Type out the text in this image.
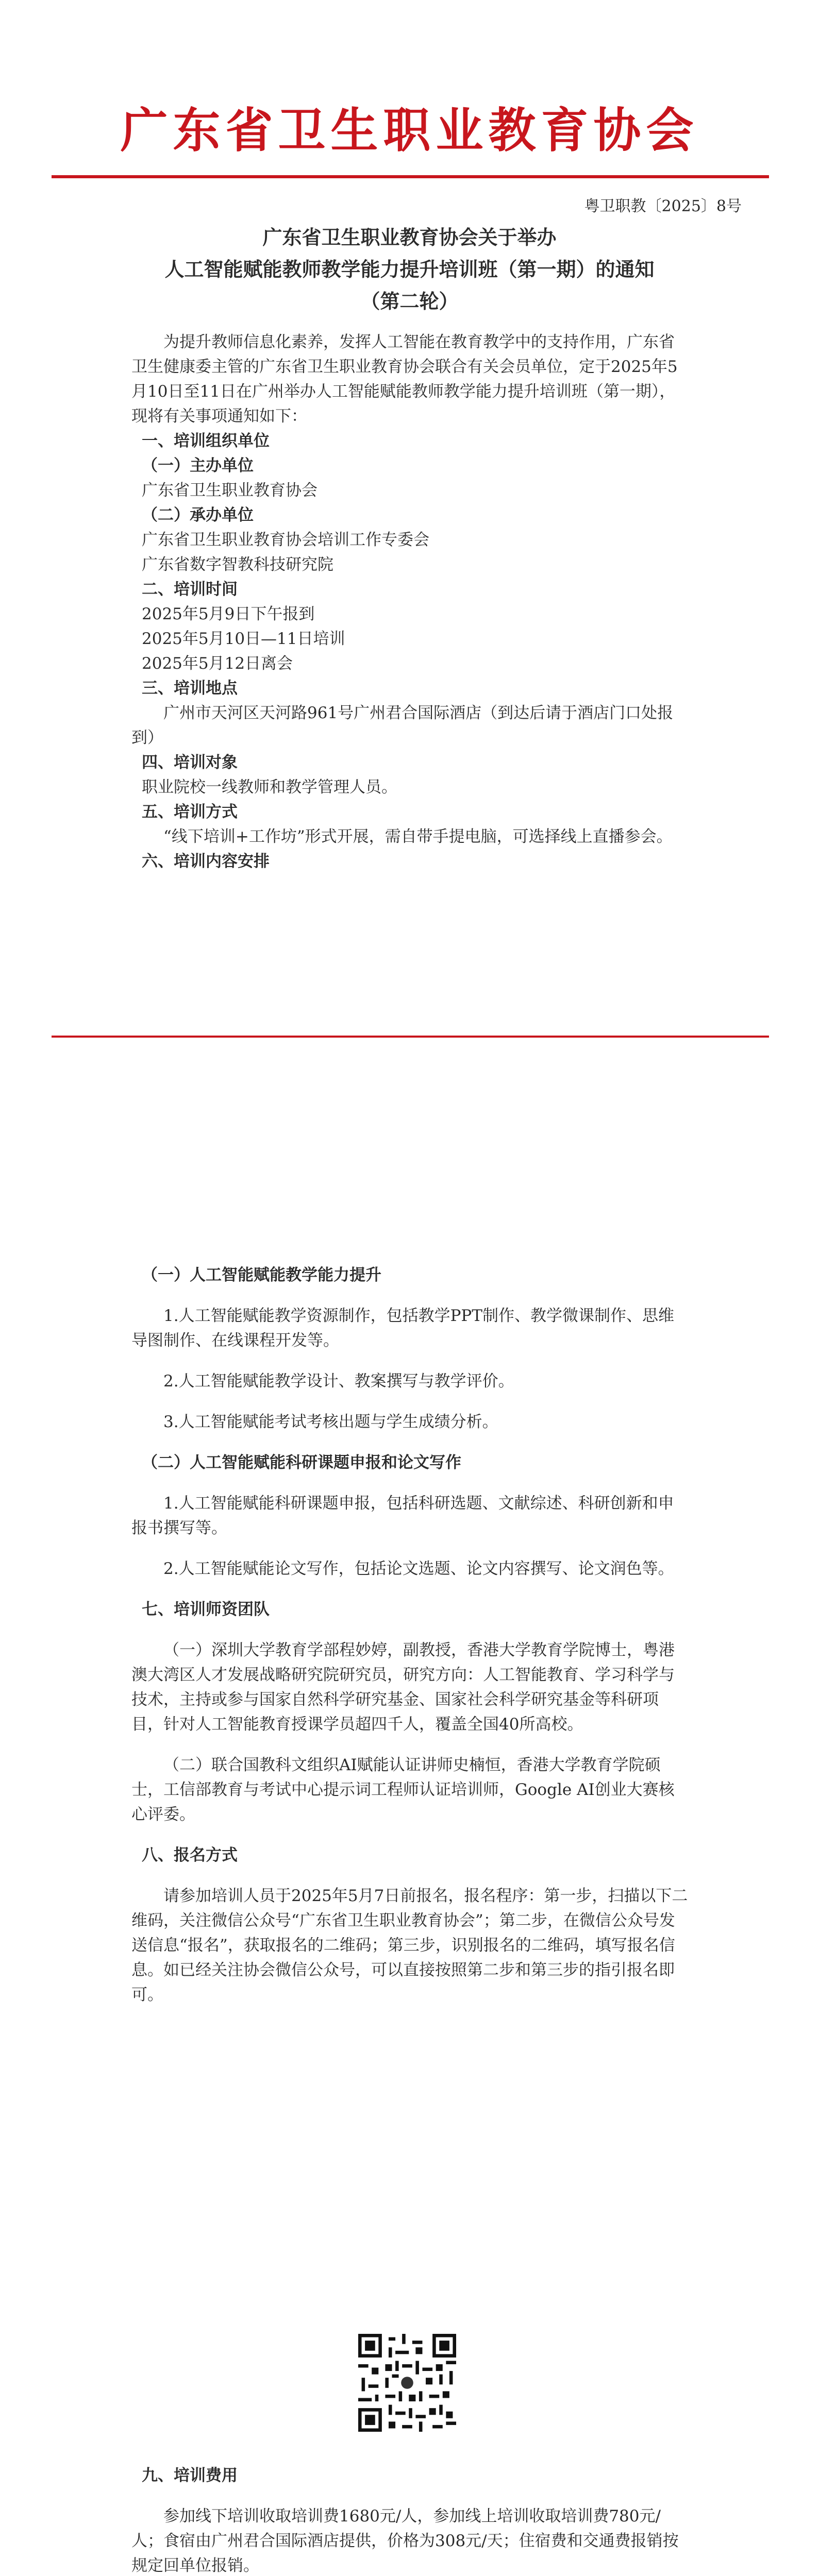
广东省卫生职业教育协会
粤卫职教〔2025〕8号
广东省卫生职业教育协会关于举办
人工智能赋能教师教学能力提升培训班（第一期）的通知
（第二轮）

为提升教师信息化素养，发挥人工智能在教育教学中的支持作用，广东省卫生健康委主管的广东省卫生职业教育协会联合有关会员单位，定于2025年5月10日至11日在广州举办人工智能赋能教师教学能力提升培训班（第一期），现将有关事项通知如下：

一、培训组织单位

（一）主办单位

广东省卫生职业教育协会

（二）承办单位

广东省卫生职业教育协会培训工作专委会

广东省数字智教科技研究院

二、培训时间

2025年5月9日下午报到

2025年5月10日—11日培训

2025年5月12日离会

三、培训地点

广州市天河区天河路961号广州君合国际酒店（到达后请于酒店门口处报到）

四、培训对象

职业院校一线教师和教学管理人员。

五、培训方式

“线下培训+工作坊”形式开展，需自带手提电脑，可选择线上直播参会。

六、培训内容安排

（一）人工智能赋能教学能力提升

1.人工智能赋能教学资源制作，包括教学PPT制作、教学微课制作、思维导图制作、在线课程开发等。

2.人工智能赋能教学设计、教案撰写与教学评价。

3.人工智能赋能考试考核出题与学生成绩分析。

（二）人工智能赋能科研课题申报和论文写作

1.人工智能赋能科研课题申报，包括科研选题、文献综述、科研创新和申报书撰写等。

2.人工智能赋能论文写作，包括论文选题、论文内容撰写、论文润色等。

七、培训师资团队

（一）深圳大学教育学部程妙婷，副教授，香港大学教育学院博士，粤港澳大湾区人才发展战略研究院研究员，研究方向：人工智能教育、学习科学与技术，主持或参与国家自然科学研究基金、国家社会科学研究基金等科研项目，针对人工智能教育授课学员超四千人，覆盖全国40所高校。

（二）联合国教科文组织AI赋能认证讲师史楠恒，香港大学教育学院硕士，工信部教育与考试中心提示词工程师认证培训师，Google AI创业大赛核心评委。

八、报名方式

请参加培训人员于2025年5月7日前报名，报名程序：第一步，扫描以下二维码，关注微信公众号“广东省卫生职业教育协会”；第二步，在微信公众号发送信息“报名”，获取报名的二维码；第三步，识别报名的二维码，填写报名信息。如已经关注协会微信公众号，可以直接按照第二步和第三步的指引报名即可。

九、培训费用

参加线下培训收取培训费1680元/人，参加线上培训收取培训费780元/人；食宿由广州君合国际酒店提供，价格为308元/天；住宿费和交通费报销按规定回单位报销。
